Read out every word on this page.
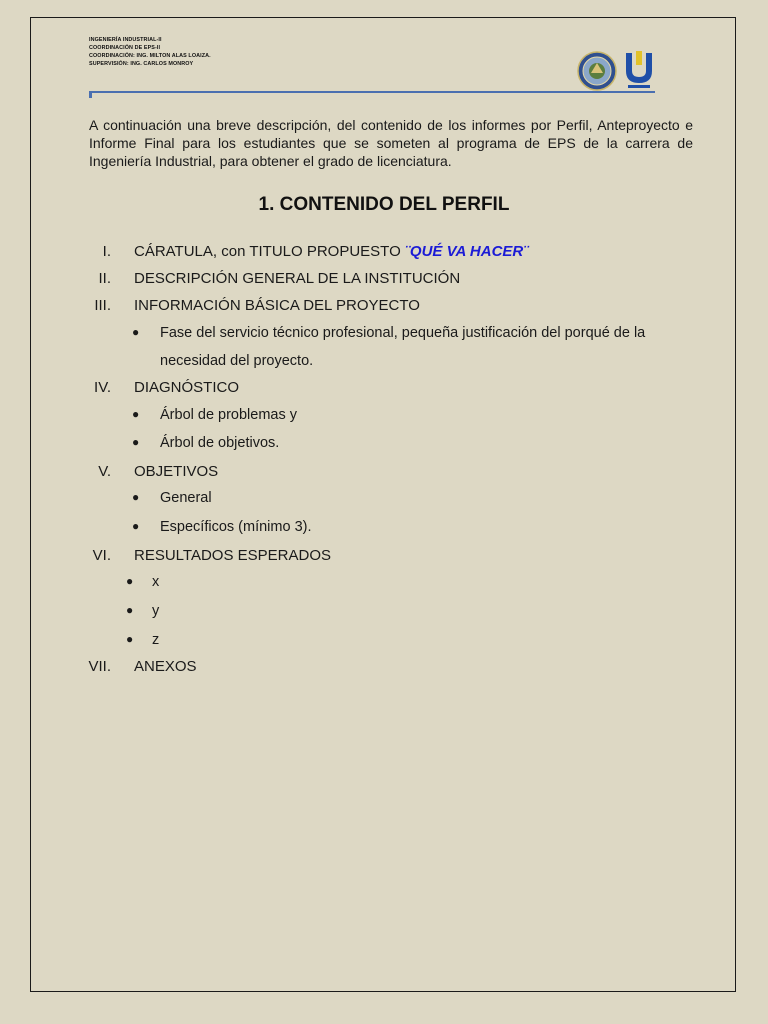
INGENIERÍA INDUSTRIAL-II
COORDINACIÓN DE EPS-II
COORDINACIÓN: ING. MILTON ALAS LOAIZA.
SUPERVISIÓN: ING. CARLOS MONROY

A continuación una breve descripción, del contenido de los informes por Perfil, Anteproyecto e Informe Final para los estudiantes que se someten al programa de EPS de la carrera de Ingeniería Industrial, para obtener el grado de licenciatura.

1. CONTENIDO DEL PERFIL
I. CÁRATULA, con TITULO PROPUESTO ¨QUÉ VA HACER¨
II. DESCRIPCIÓN GENERAL DE LA INSTITUCIÓN
III. INFORMACIÓN BÁSICA DEL PROYECTO
● Fase del servicio técnico profesional, pequeña justificación del porqué de la
necesidad del proyecto.
IV. DIAGNÓSTICO
● Árbol de problemas y
● Árbol de objetivos.
V. OBJETIVOS
● General
● Específicos (mínimo 3).
VI. RESULTADOS ESPERADOS
● x
● y
● z
VII. ANEXOS
